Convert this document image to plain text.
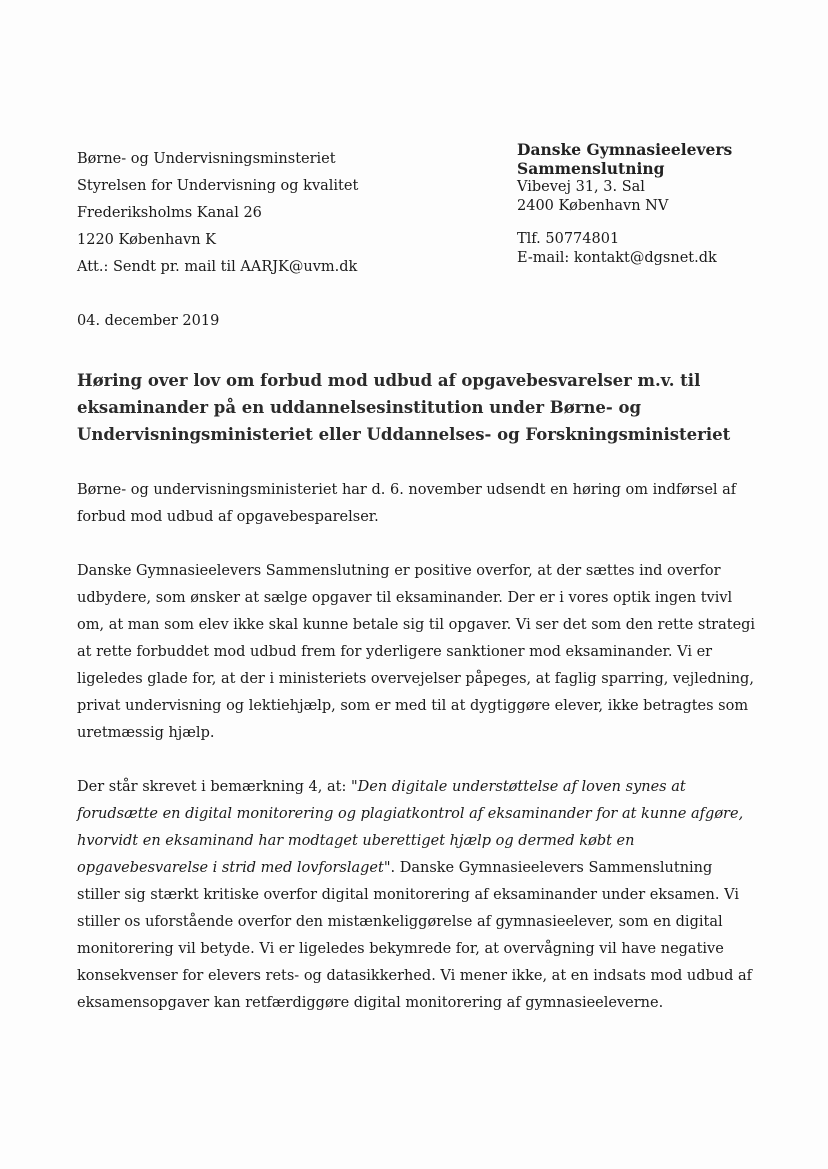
Børne- og Undervisningsminsteriet
Styrelsen for Undervisning og kvalitet
Frederiksholms Kanal 26
1220 København K
Att.: Sendt pr. mail til AARJK@uvm.dk
Danske Gymnasieelevers
Sammenslutning
Vibevej 31, 3. Sal
2400 København NV
Tlf. 50774801
E-mail: kontakt@dgsnet.dk
04. december 2019
Høring over lov om forbud mod udbud af opgavebesvarelser m.v. til eksaminander på en uddannelsesinstitution under Børne- og Undervisningsministeriet eller Uddannelses- og Forskningsministeriet

Børne- og undervisningsministeriet har d. 6. november udsendt en høring om indførsel af forbud mod udbud af opgavebesparelser.

Danske Gymnasieelevers Sammenslutning er positive overfor, at der sættes ind overfor udbydere, som ønsker at sælge opgaver til eksaminander. Der er i vores optik ingen tvivl om, at man som elev ikke skal kunne betale sig til opgaver. Vi ser det som den rette strategi at rette forbuddet mod udbud frem for yderligere sanktioner mod eksaminander. Vi er ligeledes glade for, at der i ministeriets overvejelser påpeges, at faglig sparring, vejledning, privat undervisning og lektiehjælp, som er med til at dygtiggøre elever, ikke betragtes som uretmæssig hjælp.

Der står skrevet i bemærkning 4, at: "Den digitale understøttelse af loven synes at forudsætte en digital monitorering og plagiatkontrol af eksaminander for at kunne afgøre, hvorvidt en eksaminand har modtaget uberettiget hjælp og dermed købt en opgavebesvarelse i strid med lovforslaget". Danske Gymnasieelevers Sammenslutning stiller sig stærkt kritiske overfor digital monitorering af eksaminander under eksamen. Vi stiller os uforstående overfor den mistænkeliggørelse af gymnasieelever, som en digital monitorering vil betyde. Vi er ligeledes bekymrede for, at overvågning vil have negative konsekvenser for elevers rets- og datasikkerhed. Vi mener ikke, at en indsats mod udbud af eksamensopgaver kan retfærdiggøre digital monitorering af gymnasieeleverne.
